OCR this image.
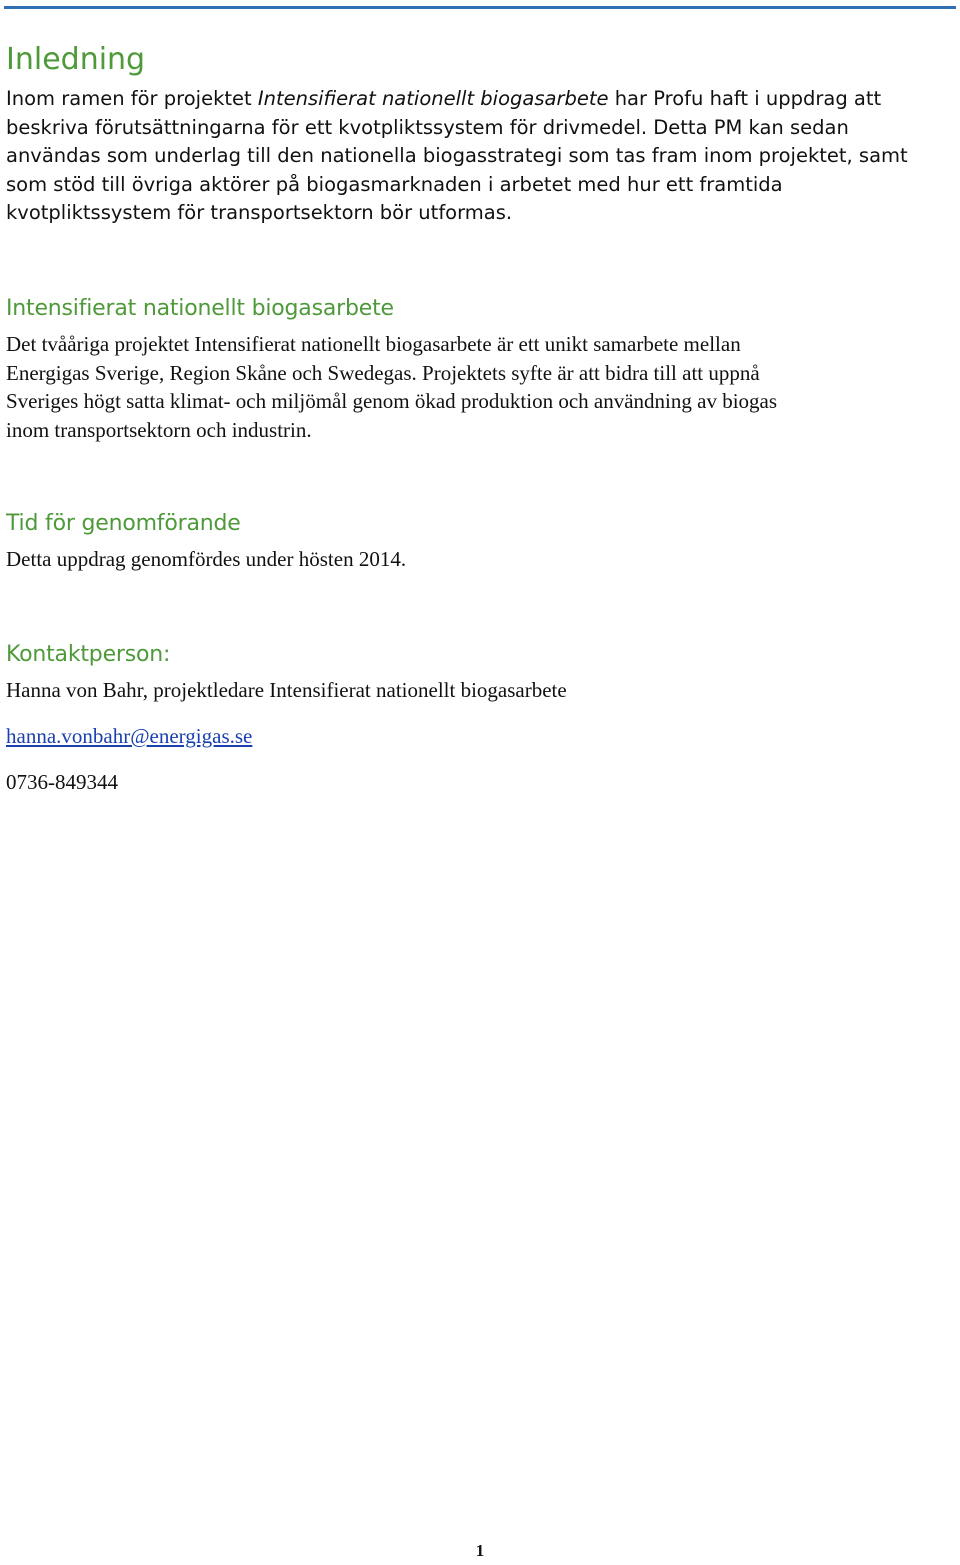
Inledning

Inom ramen för projektet Intensifierat nationellt biogasarbete har Profu haft i uppdrag att
beskriva förutsättningarna för ett kvotpliktssystem för drivmedel. Detta PM kan sedan
användas som underlag till den nationella biogasstrategi som tas fram inom projektet, samt
som stöd till övriga aktörer på biogasmarknaden i arbetet med hur ett framtida
kvotpliktssystem för transportsektorn bör utformas.

Intensifierat nationellt biogasarbete

Det tvååriga projektet Intensifierat nationellt biogasarbete är ett unikt samarbete mellan
Energigas Sverige, Region Skåne och Swedegas. Projektets syfte är att bidra till att uppnå
Sveriges högt satta klimat- och miljömål genom ökad produktion och användning av biogas
inom transportsektorn och industrin.

Tid för genomförande

Detta uppdrag genomfördes under hösten 2014.

Kontaktperson:

Hanna von Bahr, projektledare Intensifierat nationellt biogasarbete

hanna.vonbahr@energigas.se

0736-849344

1
